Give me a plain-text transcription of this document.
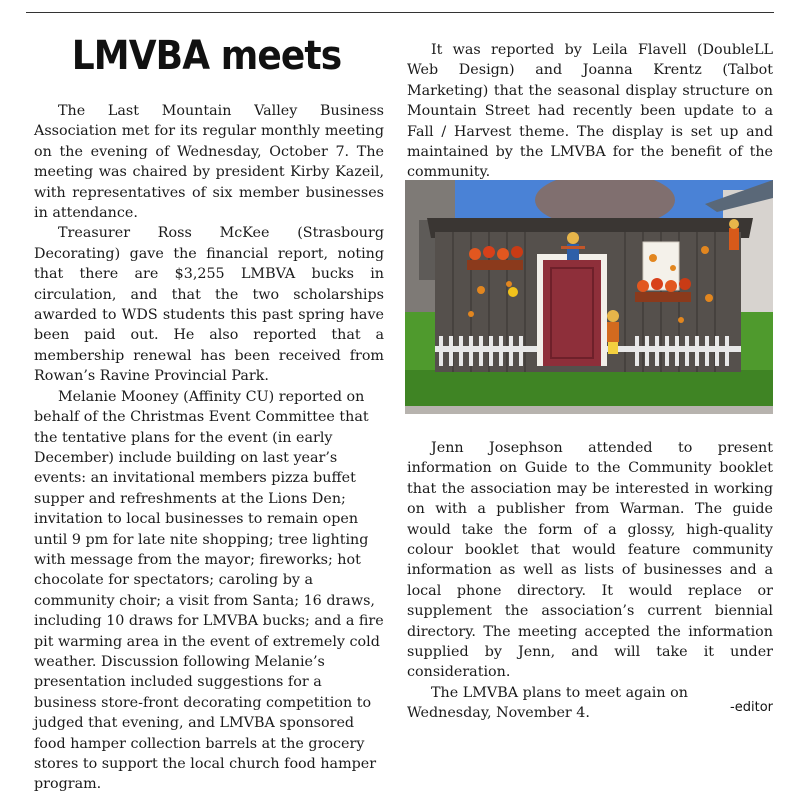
LMVBA meets

The Last Mountain Valley Business Association met for its regular monthly meeting on the evening of Wednesday, October 7. The meeting was chaired by president Kirby Kazeil, with representatives of six member businesses in attendance.

Treasurer Ross McKee (Strasbourg Decorating) gave the financial report, noting that there are $3,255 LMBVA bucks in circulation, and that the two scholarships awarded to WDS students this past spring have been paid out. He also reported that a membership renewal has been received from Rowan’s Ravine Provincial Park.

Melanie Mooney (Affinity CU) reported on behalf of the Christmas Event Committee that the tentative plans for the event (in early December) include building on last year’s events: an invitational members pizza buffet supper and refreshments at the Lions Den; invitation to local businesses to remain open until 9 pm for late nite shopping; tree lighting with message from the mayor; fireworks; hot chocolate for spectators; caroling by a community choir; a visit from Santa; 16 draws, including 10 draws for LMVBA bucks; and a fire pit warming area in the event of extremely cold weather. Discussion following Melanie’s presentation included suggestions for a business store-front decorating competition to judged that evening, and LMVBA sponsored food hamper collection barrels at the grocery stores to support the local church food hamper program.

It was reported by Leila Flavell (DoubleLL Web Design) and Joanna Krentz (Talbot Marketing) that the seasonal display structure on Mountain Street had recently been update to a Fall / Harvest theme. The display is set up and maintained by the LMVBA for the benefit of the community.

Jenn Josephson attended to present information on Guide to the Community booklet that the association may be interested in working on with a publisher from Warman. The guide would take the form of a glossy, high-quality colour booklet that would feature community information as well as lists of businesses and a local phone directory. It would replace or supplement the association’s current biennial directory. The meeting accepted the information supplied by Jenn, and will take it under consideration.

The LMVBA plans to meet again on Wednesday, November 4.	-editor
